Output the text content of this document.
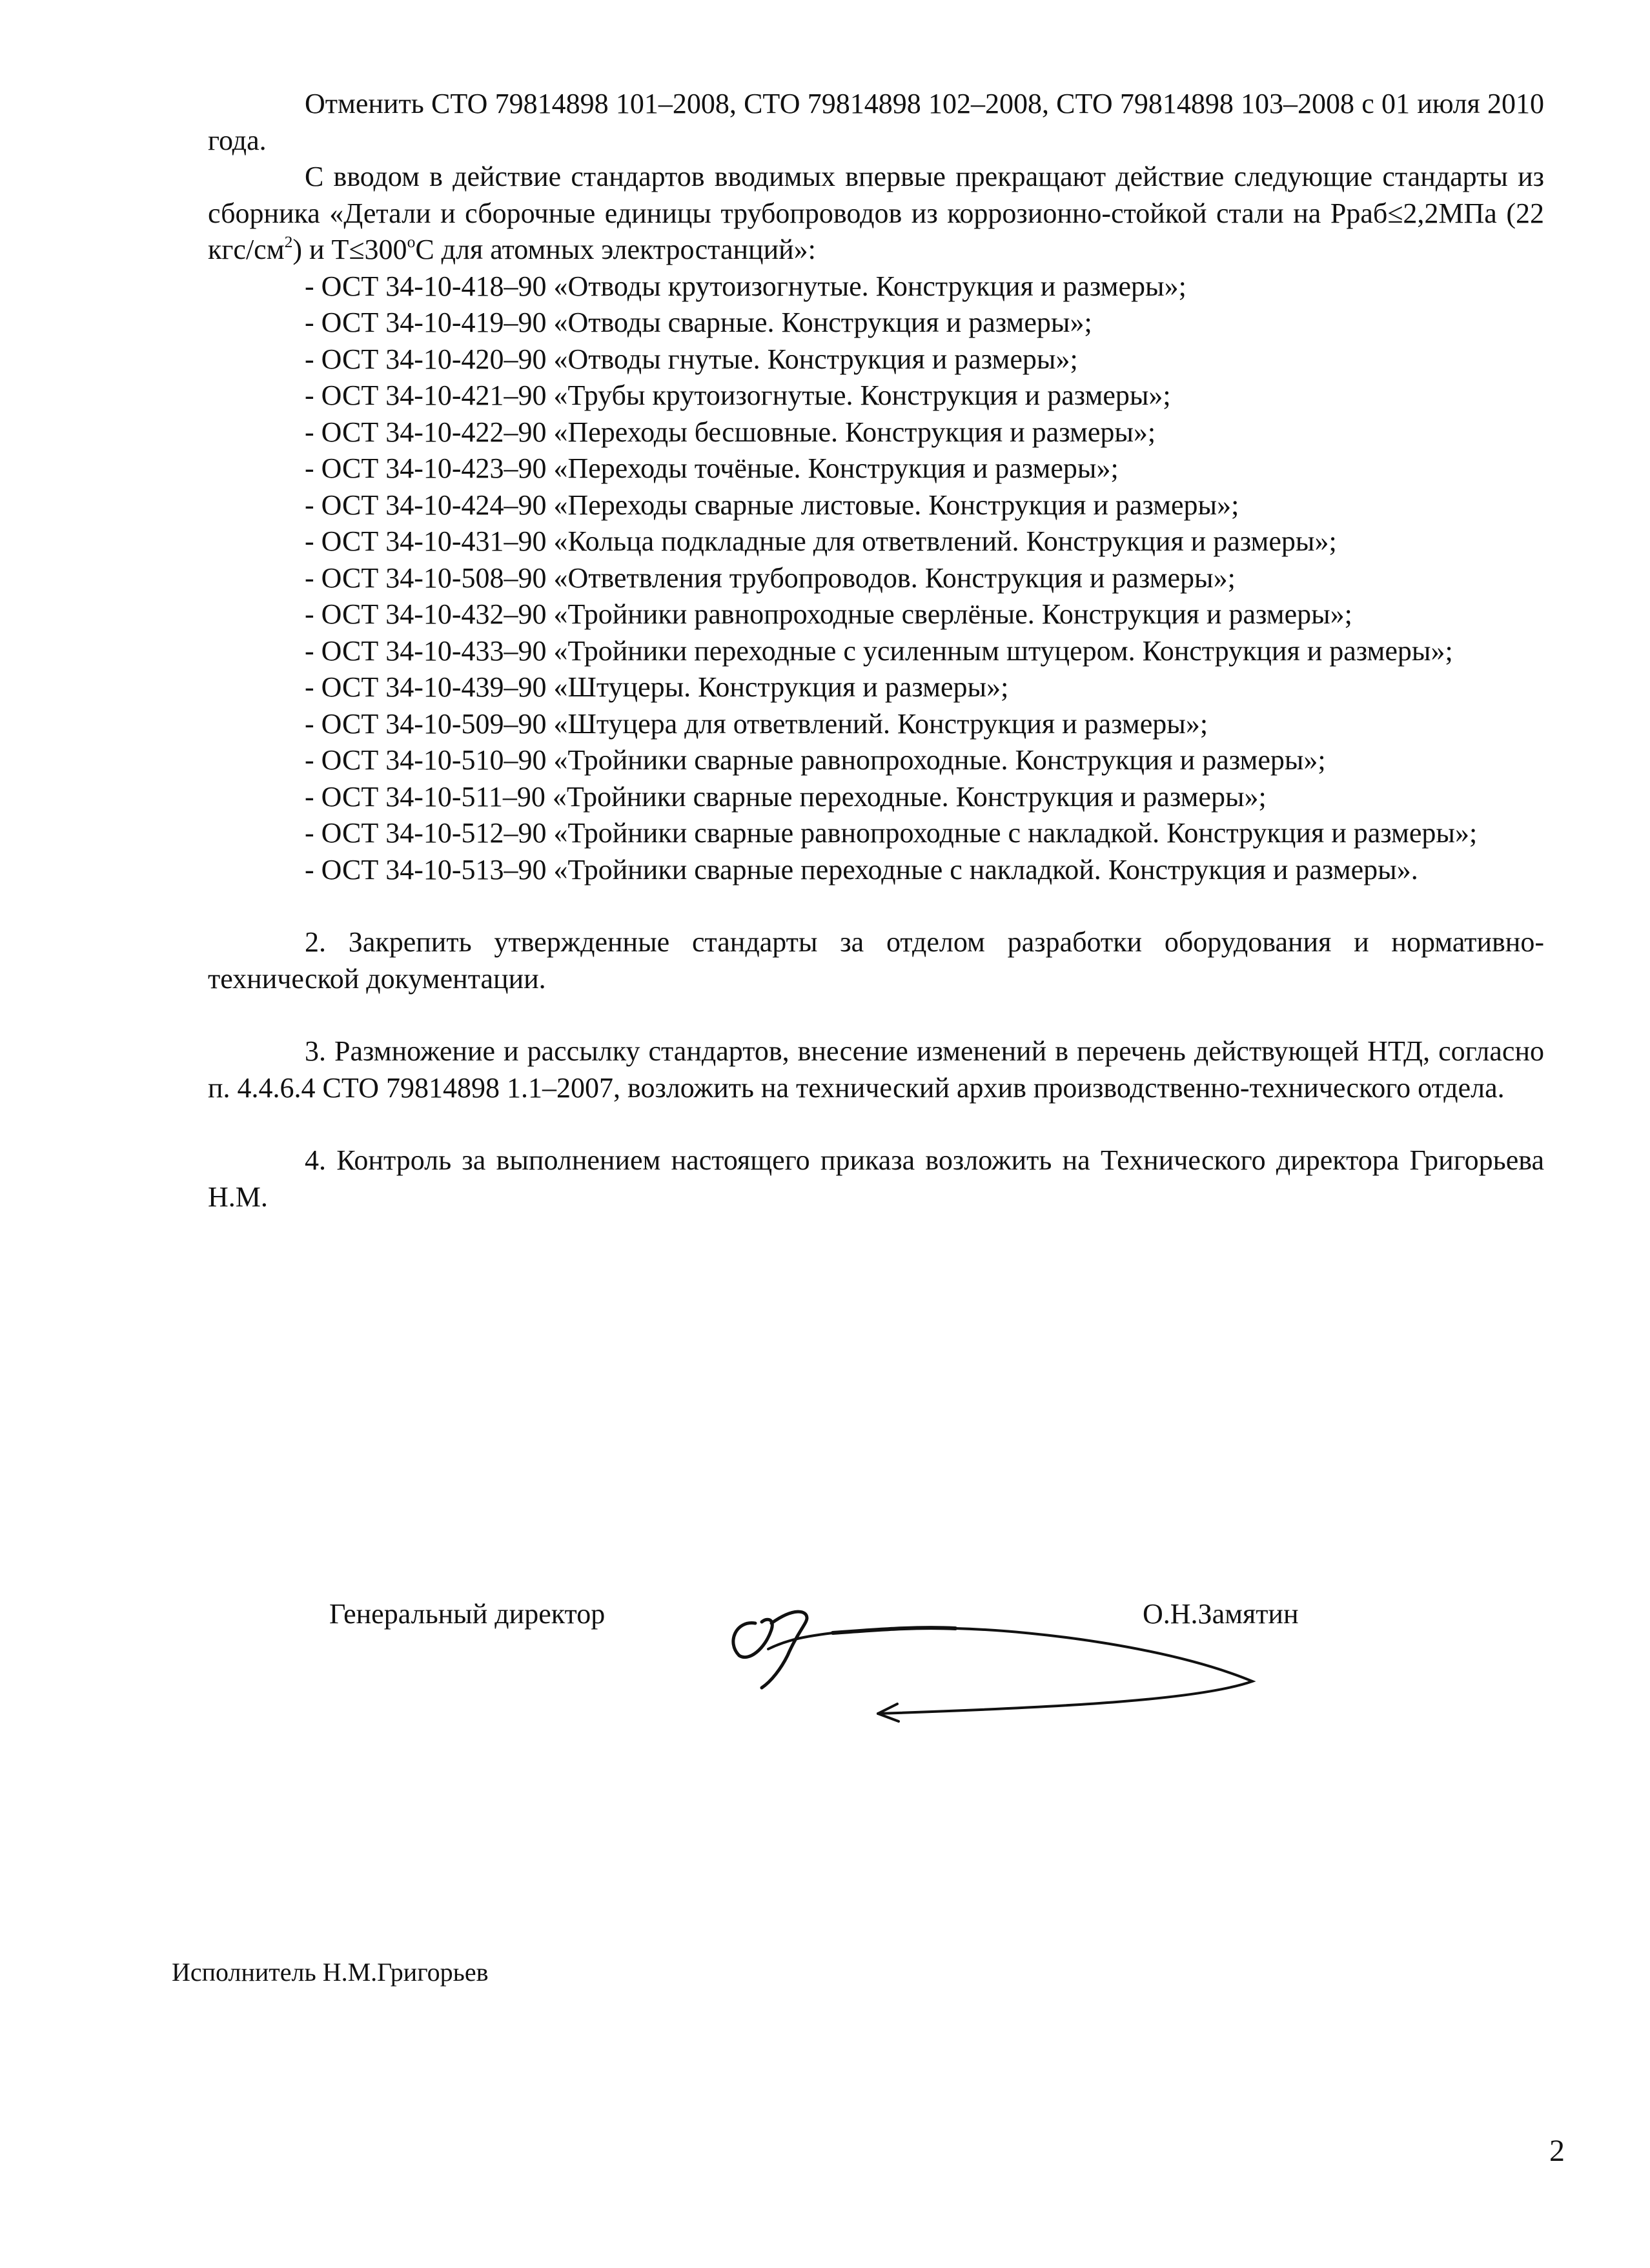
Отменить СТО 79814898 101–2008, СТО 79814898 102–2008, СТО 79814898 103–2008 с 01 июля 2010 года.

С вводом в действие стандартов вводимых впервые прекращают действие следующие стандарты из сборника «Детали и сборочные единицы трубопроводов из коррозионно-стойкой стали на Рраб≤2,2МПа (22 кгс/$см^2$) и $Т\le 300^оС$ для атомных электростанций»:

- ОСТ 34-10-418–90 «Отводы крутоизогнутые. Конструкция и размеры»;

- ОСТ 34-10-419–90 «Отводы сварные. Конструкция и размеры»;

- ОСТ 34-10-420–90 «Отводы гнутые. Конструкция и размеры»;

- ОСТ 34-10-421–90 «Трубы крутоизогнутые. Конструкция и размеры»;

- ОСТ 34-10-422–90 «Переходы бесшовные. Конструкция и размеры»;

- ОСТ 34-10-423–90 «Переходы точёные. Конструкция и размеры»;

- ОСТ 34-10-424–90 «Переходы сварные листовые. Конструкция и размеры»;

- ОСТ 34-10-431–90 «Кольца подкладные для ответвлений. Конструкция и размеры»;

- ОСТ 34-10-508–90 «Ответвления трубопроводов. Конструкция и размеры»;

- ОСТ 34-10-432–90 «Тройники равнопроходные сверлёные. Конструкция и размеры»;

- ОСТ 34-10-433–90 «Тройники переходные с усиленным штуцером. Конструкция и размеры»;

- ОСТ 34-10-439–90 «Штуцеры. Конструкция и размеры»;

- ОСТ 34-10-509–90 «Штуцера для ответвлений. Конструкция и размеры»;

- ОСТ 34-10-510–90 «Тройники сварные равнопроходные. Конструкция и размеры»;

- ОСТ 34-10-511–90 «Тройники сварные переходные. Конструкция и размеры»;

- ОСТ 34-10-512–90 «Тройники сварные равнопроходные с накладкой. Конструкция и размеры»;

- ОСТ 34-10-513–90 «Тройники сварные переходные с накладкой. Конструкция и размеры».

2. Закрепить утвержденные стандарты за отделом разработки оборудования и нормативно-технической документации.

3. Размножение и рассылку стандартов, внесение изменений в перечень действующей НТД, согласно п. 4.4.6.4 СТО 79814898 1.1–2007, возложить на технический архив производственно-технического отдела.

4. Контроль за выполнением настоящего приказа возложить на Технического директора Григорьева Н.М.

Генеральный директор	О.Н.Замятин
Исполнитель Н.М.Григорьев
2
